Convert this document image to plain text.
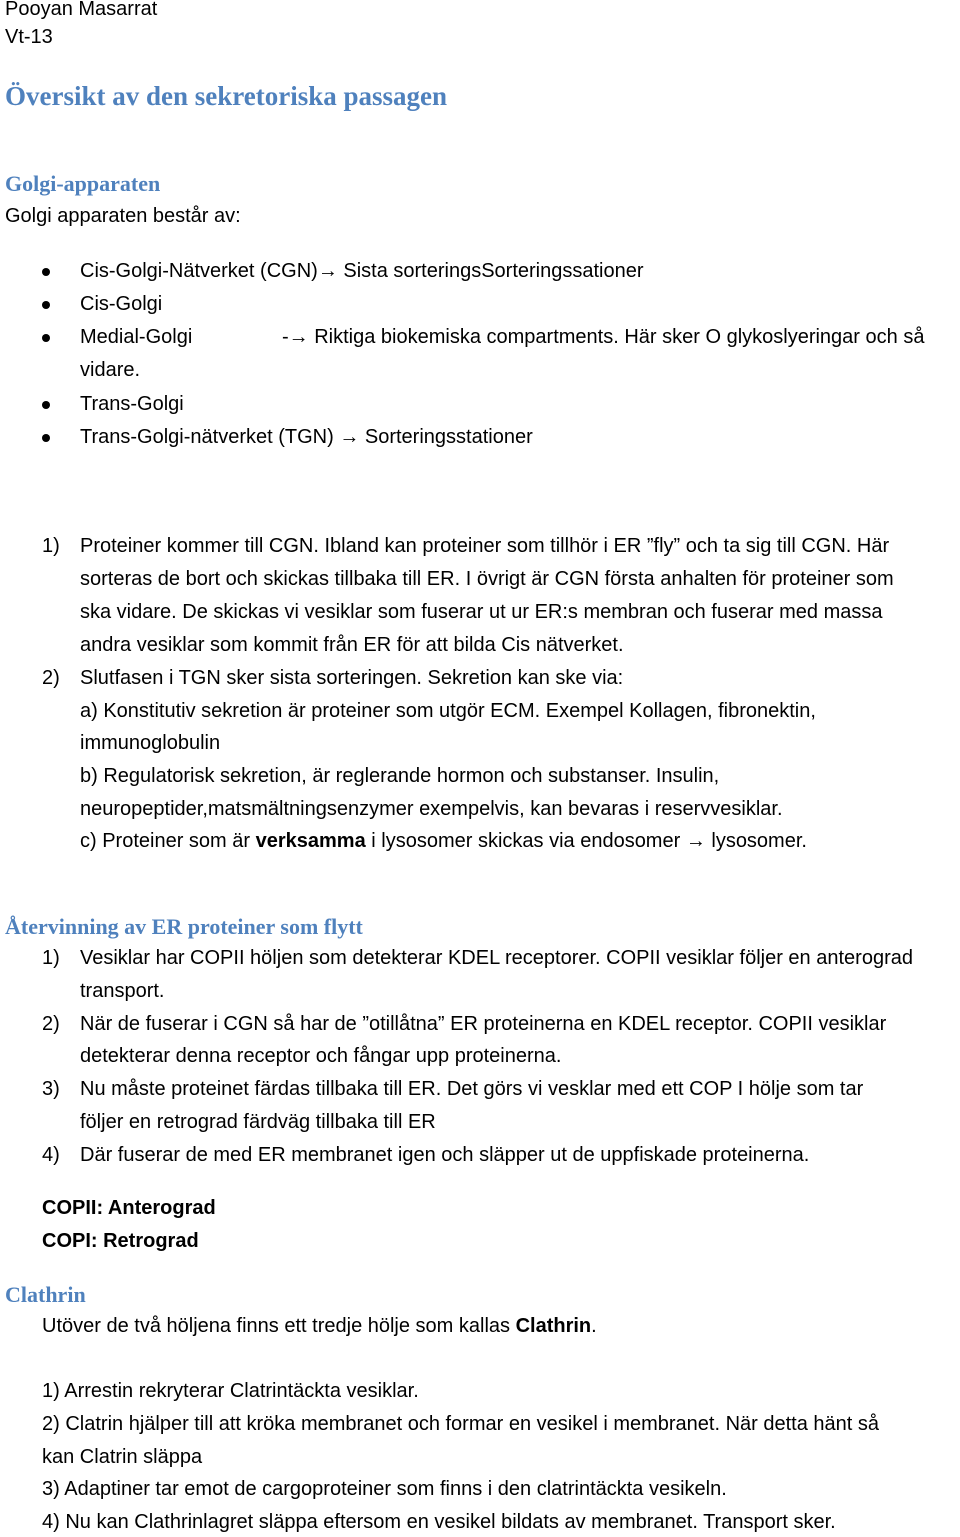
Pooyan Masarrat
Vt-13
Översikt av den sekretoriska passagen
Golgi-apparaten
Golgi apparaten består av:
Cis-Golgi-Nätverket (CGN)→ Sista sorteringsSorteringssationer
Cis-Golgi
Medial-Golgi	-→ Riktiga biokemiska compartments. Här sker O glykoslyeringar och så
vidare.
Trans-Golgi
Trans-Golgi-nätverket (TGN) → Sorteringsstationer
1) Proteiner kommer till CGN. Ibland kan proteiner som tillhör i ER ”fly” och ta sig till CGN. Här
sorteras de bort och skickas tillbaka till ER. I övrigt är CGN första anhalten för proteiner som
ska vidare. De skickas vi vesiklar som fuserar ut ur ER:s membran och fuserar med massa
andra vesiklar som kommit från ER för att bilda Cis nätverket.
2) Slutfasen i TGN sker sista sorteringen. Sekretion kan ske via:
a) Konstitutiv sekretion är proteiner som utgör ECM. Exempel Kollagen, fibronektin,
immunoglobulin
b) Regulatorisk sekretion, är reglerande hormon och substanser. Insulin,
neuropeptider,matsmältningsenzymer exempelvis, kan bevaras i reservvesiklar.
c) Proteiner som är verksamma i lysosomer skickas via endosomer → lysosomer.
Återvinning av ER proteiner som flytt
1) Vesiklar har COPII höljen som detekterar KDEL receptorer. COPII vesiklar följer en anterograd
transport.
2) När de fuserar i CGN så har de ”otillåtna” ER proteinerna en KDEL receptor. COPII vesiklar
detekterar denna receptor och fångar upp proteinerna.
3) Nu måste proteinet färdas tillbaka till ER. Det görs vi vesklar med ett COP I hölje som tar
följer en retrograd färdväg tillbaka till ER
4) Där fuserar de med ER membranet igen och släpper ut de uppfiskade proteinerna.
COPII: Anterograd
COPI: Retrograd
Clathrin
Utöver de två höljena finns ett tredje hölje som kallas Clathrin.
1) Arrestin rekryterar Clatrintäckta vesiklar.
2) Clatrin hjälper till att kröka membranet och formar en vesikel i membranet. När detta hänt så
kan Clatrin släppa
3) Adaptiner tar emot de cargoproteiner som finns i den clatrintäckta vesikeln.
4) Nu kan Clathrinlagret släppa eftersom en vesikel bildats av membranet. Transport sker.
